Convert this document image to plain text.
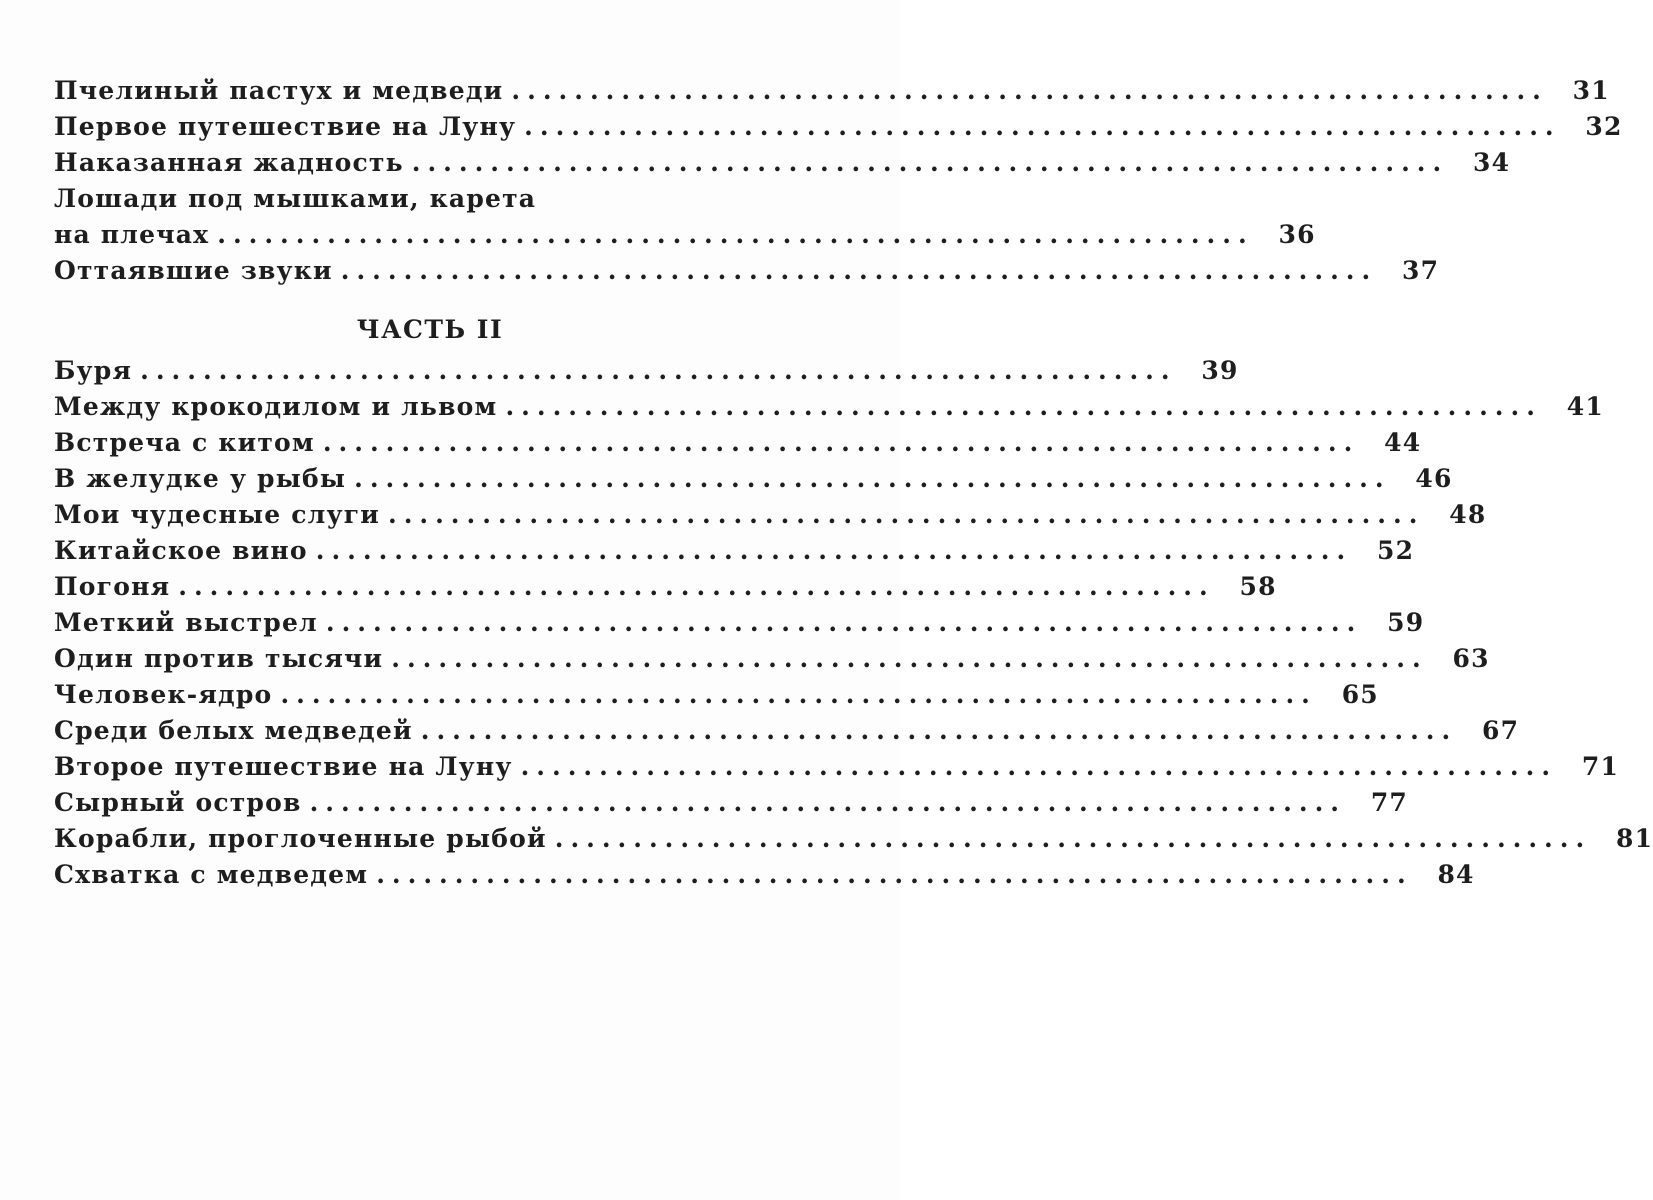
Пчелиный пастух и медведи .................................................................. 31
Первое путешествие на Луну .................................................................. 32
Наказанная жадность .................................................................. 34
Лошади под мышками, карета
на плечах .................................................................. 36
Оттаявшие звуки .................................................................. 37
ЧАСТЬ II
Буря .................................................................. 39
Между крокодилом и львом .................................................................. 41
Встреча с китом .................................................................. 44
В желудке у рыбы .................................................................. 46
Мои чудесные слуги .................................................................. 48
Китайское вино .................................................................. 52
Погоня .................................................................. 58
Меткий выстрел .................................................................. 59
Один против тысячи .................................................................. 63
Человек-ядро .................................................................. 65
Среди белых медведей .................................................................. 67
Второе путешествие на Луну .................................................................. 71
Сырный остров .................................................................. 77
Корабли, проглоченные рыбой .................................................................. 81
Схватка с медведем .................................................................. 84
